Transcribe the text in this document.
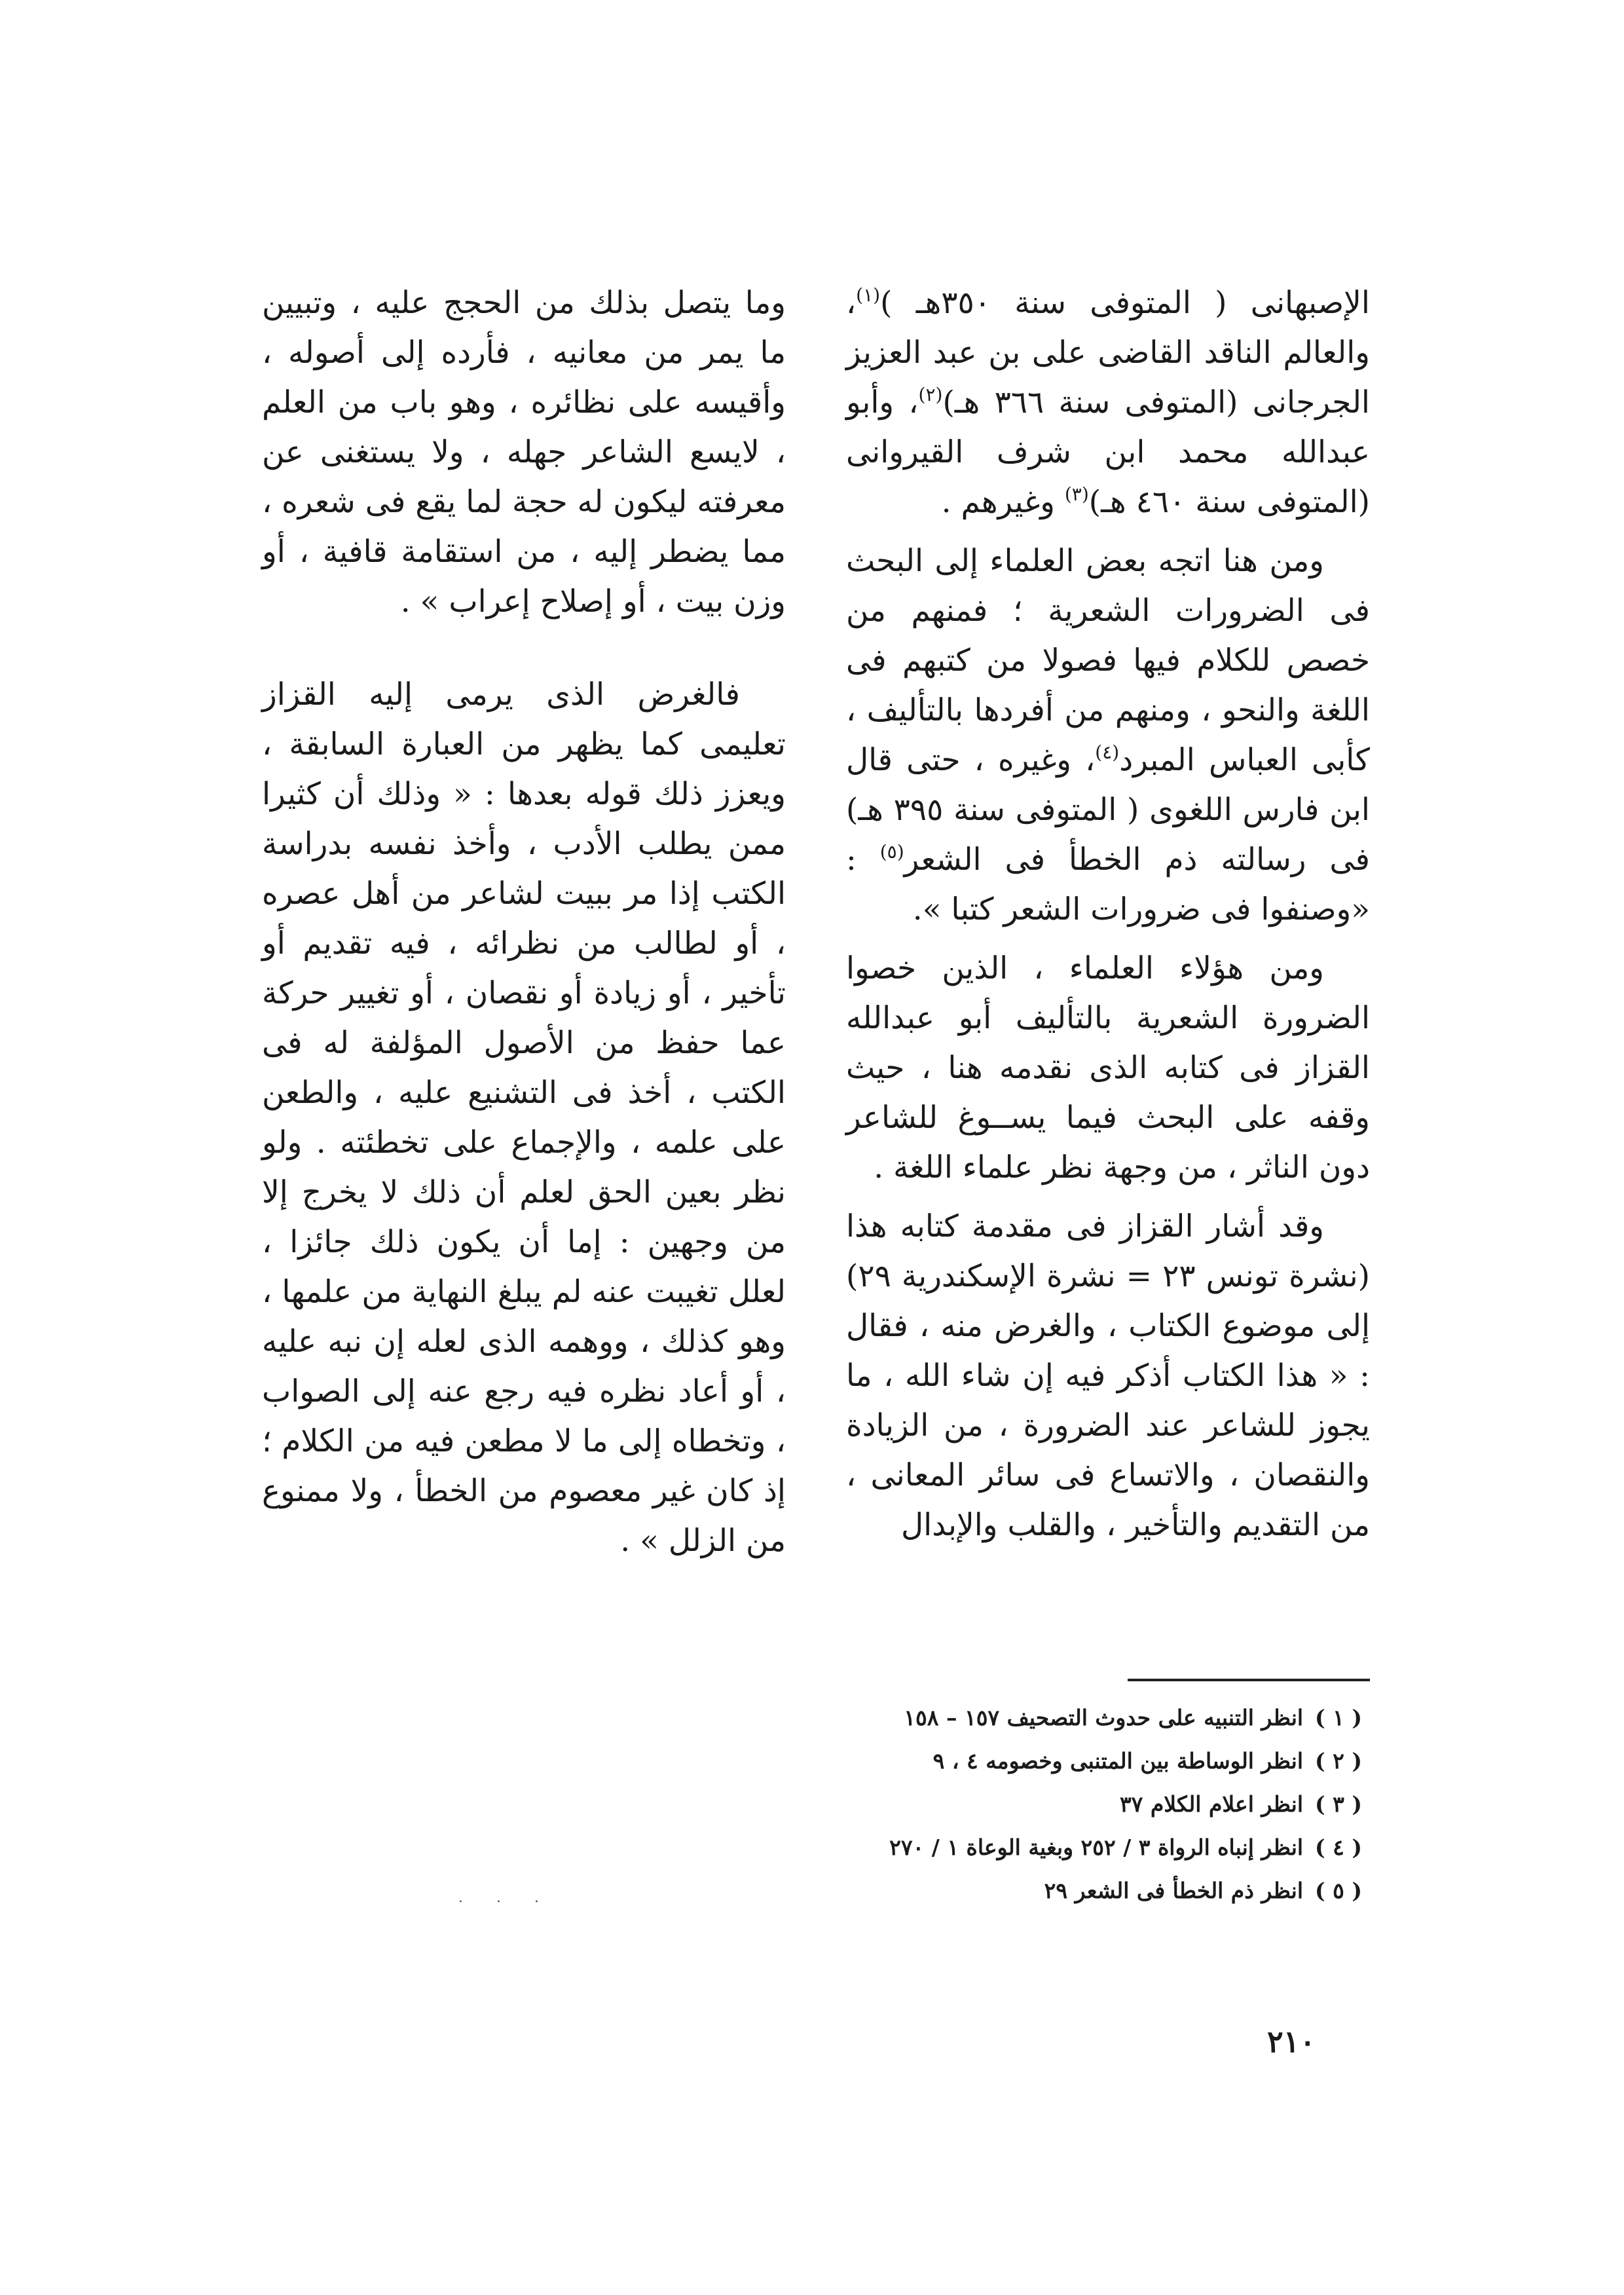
الإصبهانى ( المتوفى سنة ٣٥٠هـ )$^{(١)}$، والعالم الناقد القاضى على بن عبد العزيز الجرجانى (المتوفى سنة ٣٦٦ هـ)$^{(٢)}$، وأبو عبدالله محمد ابن شرف القيروانى (المتوفى سنة ٤٦٠ هـ)$^{(٣)}$ وغيرهم .

ومن هنا اتجه بعض العلماء إلى البحث فى الضرورات الشعرية ؛ فمنهم من خصص للكلام فيها فصولا من كتبهم فى اللغة والنحو ، ومنهم من أفردها بالتأليف ، كأبى العباس المبرد$^{(٤)}$، وغيره ، حتى قال ابن فارس اللغوى ( المتوفى سنة ٣٩٥ هـ) فى رسالته ذم الخطأ فى الشعر$^{(٥)}$ : «وصنفوا فى ضرورات الشعر كتبا ».

ومن هؤلاء العلماء ، الذين خصوا الضرورة الشعرية بالتأليف أبو عبدالله القزاز فى كتابه الذى نقدمه هنا ، حيث وقفه على البحث فيما يســوغ للشاعر دون الناثر ، من وجهة نظر علماء اللغة .

وقد أشار القزاز فى مقدمة كتابه هذا (نشرة تونس ٢٣ = نشرة الإسكندرية ٢٩) إلى موضوع الكتاب ، والغرض منه ، فقال : « هذا الكتاب أذكر فيه إن شاء الله ، ما يجوز للشاعر عند الضرورة ، من الزيادة والنقصان ، والاتساع فى سائر المعانى ، من التقديم والتأخير ، والقلب والإبدال

وما يتصل بذلك من الحجج عليه ، وتبيين ما يمر من معانيه ، فأرده إلى أصوله ، وأقيسه على نظائره ، وهو باب من العلم ، لايسع الشاعر جهله ، ولا يستغنى عن معرفته ليكون له حجة لما يقع فى شعره ، مما يضطر إليه ، من استقامة قافية ، أو وزن بيت ، أو إصلاح إعراب » .

فالغرض الذى يرمى إليه القزاز تعليمى كما يظهر من العبارة السابقة ، ويعزز ذلك قوله بعدها : « وذلك أن كثيرا ممن يطلب الأدب ، وأخذ نفسه بدراسة الكتب إذا مر ببيت لشاعر من أهل عصره ، أو لطالب من نظرائه ، فيه تقديم أو تأخير ، أو زيادة أو نقصان ، أو تغيير حركة عما حفظ من الأصول المؤلفة له فى الكتب ، أخذ فى التشنيع عليه ، والطعن على علمه ، والإجماع على تخطئته . ولو نظر بعين الحق لعلم أن ذلك لا يخرج إلا من وجهين : إما أن يكون ذلك جائزا ، لعلل تغيبت عنه لم يبلغ النهاية من علمها ، وهو كذلك ، ووهمه الذى لعله إن نبه عليه ، أو أعاد نظره فيه رجع عنه إلى الصواب ، وتخطاه إلى ما لا مطعن فيه من الكلام ؛ إذ كان غير معصوم من الخطأ ، ولا ممنوع من الزلل » .

( ١ )انظر التنبيه على حدوث التصحيف ١٥٧ – ١٥٨
( ٢ )انظر الوساطة بين المتنبى وخصومه ٤ ، ٩
( ٣ )انظر اعلام الكلام ٣٧
( ٤ )انظر إنباه الرواة ٣ / ٢٥٢ وبغية الوعاة ١ / ٢٧٠
( ٥ )انظر ذم الخطأ فى الشعر ٢٩
. . .
٢١٠
